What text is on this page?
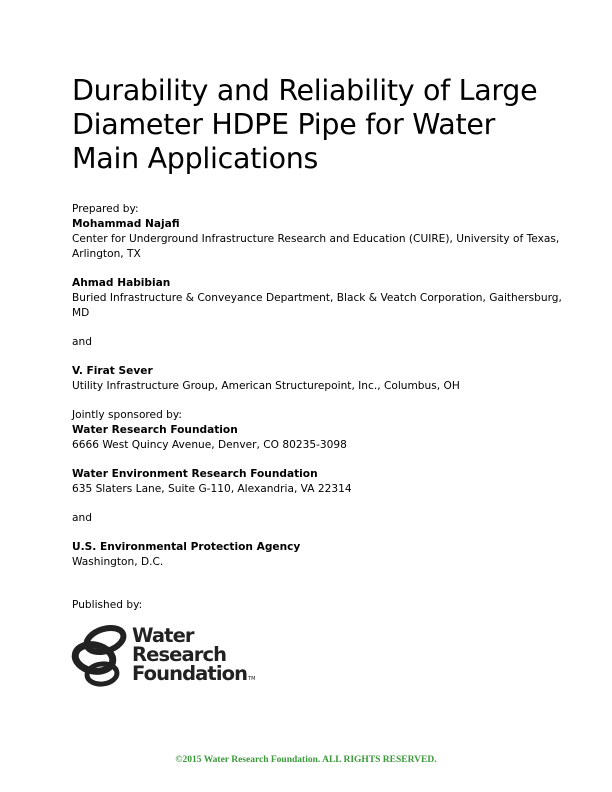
Durability and Reliability of Large
Diameter HDPE Pipe for Water
Main Applications
Prepared by:
Mohammad Najafi
Center for Underground Infrastructure Research and Education (CUIRE), University of Texas,
Arlington, TX
Ahmad Habibian
Buried Infrastructure & Conveyance Department, Black & Veatch Corporation, Gaithersburg,
MD
and
V. Firat Sever
Utility Infrastructure Group, American Structurepoint, Inc., Columbus, OH
Jointly sponsored by:
Water Research Foundation
6666 West Quincy Avenue, Denver, CO 80235-3098
Water Environment Research Foundation
635 Slaters Lane, Suite G-110, Alexandria, VA 22314
and
U.S. Environmental Protection Agency
Washington, D.C.
Published by:
Water
Research
FoundationTM
©2015 Water Research Foundation. ALL RIGHTS RESERVED.
